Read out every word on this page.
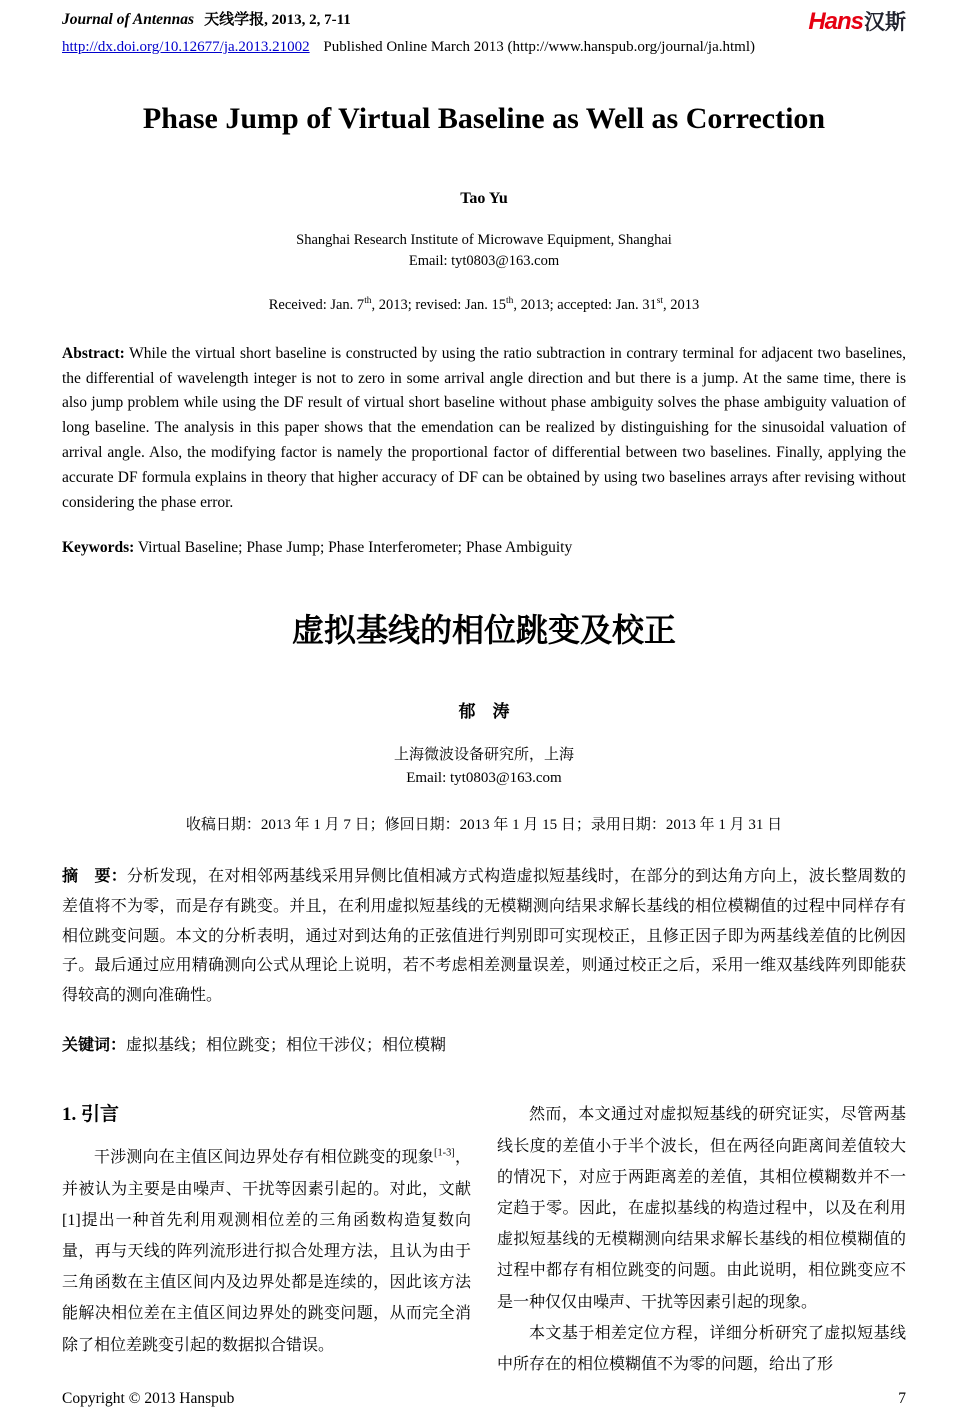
Journal of Antennas 天线学报, 2013, 2, 7-11	Hans汉斯
http://dx.doi.org/10.12677/ja.2013.21002 Published Online March 2013 (http://www.hanspub.org/journal/ja.html)
Phase Jump of Virtual Baseline as Well as Correction
Tao Yu
Shanghai Research Institute of Microwave Equipment, Shanghai
Email: tyt0803@163.com
Received: Jan. 7th, 2013; revised: Jan. 15th, 2013; accepted: Jan. 31st, 2013

Abstract: While the virtual short baseline is constructed by using the ratio subtraction in contrary terminal for adjacent two baselines, the differential of wavelength integer is not to zero in some arrival angle direction and but there is a jump. At the same time, there is also jump problem while using the DF result of virtual short baseline without phase ambiguity solves the phase ambiguity valuation of long baseline. The analysis in this paper shows that the emendation can be realized by distinguishing for the sinusoidal valuation of arrival angle. Also, the modifying factor is namely the proportional factor of differential between two baselines. Finally, applying the accurate DF formula explains in theory that higher accuracy of DF can be obtained by using two baselines arrays after revising without considering the phase error.

Keywords: Virtual Baseline; Phase Jump; Phase Interferometer; Phase Ambiguity

虚拟基线的相位跳变及校正
郁　涛
上海微波设备研究所，上海
Email: tyt0803@163.com
收稿日期：2013 年 1 月 7 日；修回日期：2013 年 1 月 15 日；录用日期：2013 年 1 月 31 日

摘　要：分析发现，在对相邻两基线采用异侧比值相减方式构造虚拟短基线时，在部分的到达角方向上，波长整周数的差值将不为零，而是存有跳变。并且，在利用虚拟短基线的无模糊测向结果求解长基线的相位模糊值的过程中同样存有相位跳变问题。本文的分析表明，通过对到达角的正弦值进行判别即可实现校正，且修正因子即为两基线差值的比例因子。最后通过应用精确测向公式从理论上说明，若不考虑相差测量误差，则通过校正之后，采用一维双基线阵列即能获得较高的测向准确性。

关键词：虚拟基线；相位跳变；相位干涉仪；相位模糊

1. 引言

干涉测向在主值区间边界处存有相位跳变的现象[1-3]，并被认为主要是由噪声、干扰等因素引起的。对此，文献[1]提出一种首先利用观测相位差的三角函数构造复数向量，再与天线的阵列流形进行拟合处理方法，且认为由于三角函数在主值区间内及边界处都是连续的，因此该方法能解决相位差在主值区间边界处的跳变问题，从而完全消除了相位差跳变引起的数据拟合错误。

然而，本文通过对虚拟短基线的研究证实，尽管两基线长度的差值小于半个波长，但在两径向距离间差值较大的情况下，对应于两距离差的差值，其相位模糊数并不一定趋于零。因此，在虚拟基线的构造过程中，以及在利用虚拟短基线的无模糊测向结果求解长基线的相位模糊值的过程中都存有相位跳变的问题。由此说明，相位跳变应不是一种仅仅由噪声、干扰等因素引起的现象。

本文基于相差定位方程，详细分析研究了虚拟短基线中所存在的相位模糊值不为零的问题，给出了形

Copyright © 2013 Hanspub	7
